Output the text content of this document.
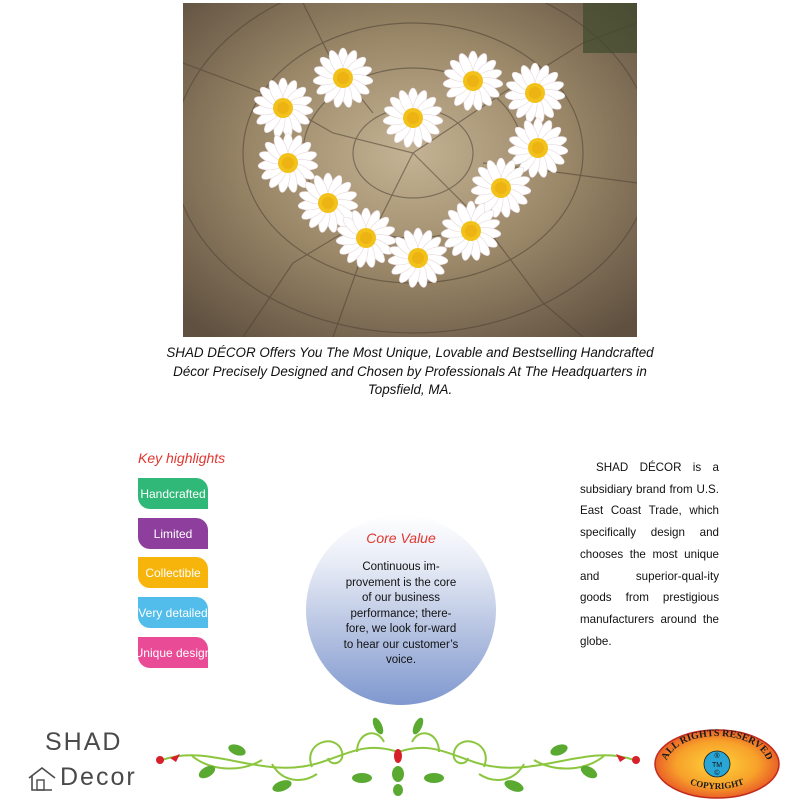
SHAD DÉCOR Offers You The Most Unique, Lovable and Bestselling Handcrafted Décor Precisely Designed and Chosen by Professionals At The Headquarters in Topsfield, MA.
Key highlights
Handcrafted
Limited
Collectible
Very detailed
Unique design
Core Value
Continuous im-provement is the core of our business performance; there-fore, we look for-ward to hear our customer’s voice.
SHAD DÉCOR is a subsidiary brand from U.S. East Coast Trade, which specifically design and chooses the most unique and superior-qual-ity goods from prestigious manufacturers around the globe.
SHAD
Decor
ALL RIGHTS RESERVED
COPYRIGHT
®
TM
©
